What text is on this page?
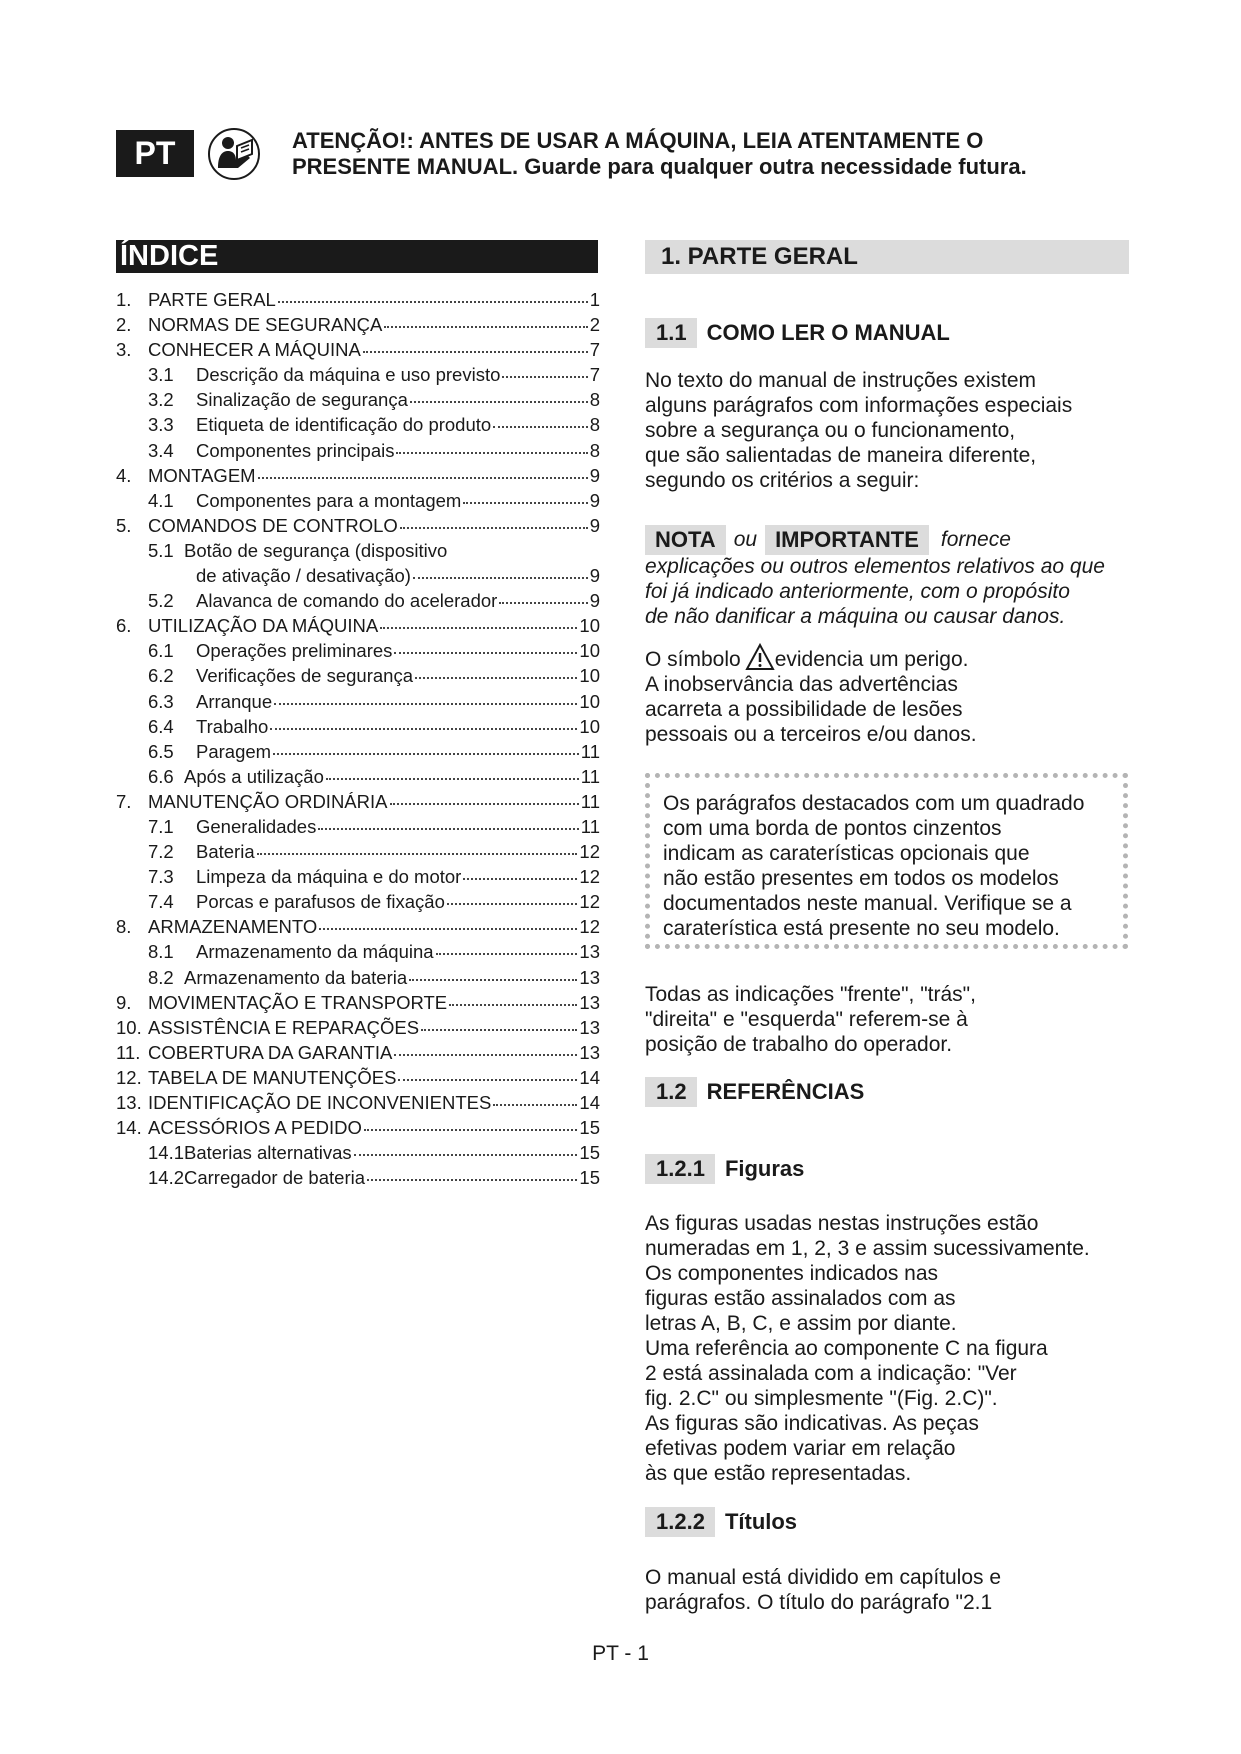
PT	ATENÇÃO!: ANTES DE USAR A MÁQUINA, LEIA ATENTAMENTE O
PRESENTE MANUAL. Guarde para qualquer outra necessidade futura.
ÍNDICE
1. PARTE GERAL	1
2. NORMAS DE SEGURANÇA	2
3. CONHECER A MÁQUINA	7
3.1	Descrição da máquina e uso previsto	7
3.2	Sinalização de segurança	8
3.3	Etiqueta de identificação do produto	8
3.4	Componentes principais	8
4. MONTAGEM	9
4.1	Componentes para a montagem	9
5. COMANDOS DE CONTROLO	9
5.1 Botão de segurança (dispositivo
de ativação / desativação)	9
5.2	Alavanca de comando do acelerador	9
6. UTILIZAÇÃO DA MÁQUINA	10
6.1	Operações preliminares	10
6.2	Verificações de segurança	10
6.3	Arranque	10
6.4	Trabalho	10
6.5	Paragem	11
6.6 Após a utilização	11
7. MANUTENÇÃO ORDINÁRIA	11
7.1	Generalidades	11
7.2	Bateria	12
7.3	Limpeza da máquina e do motor	12
7.4	Porcas e parafusos de fixação	12
8. ARMAZENAMENTO	12
8.1	Armazenamento da máquina	13
8.2 Armazenamento da bateria	13
9. MOVIMENTAÇÃO E TRANSPORTE	13
10. ASSISTÊNCIA E REPARAÇÕES	13
11. COBERTURA DA GARANTIA	13
12. TABELA DE MANUTENÇÕES	14
13. IDENTIFICAÇÃO DE INCONVENIENTES	14
14. ACESSÓRIOS A PEDIDO	15
14.1 Baterias alternativas	15
14.2 Carregador de bateria	15
1. PARTE GERAL
1.1 COMO LER O MANUAL
No texto do manual de instruções existem
alguns parágrafos com informações especiais
sobre a segurança ou o funcionamento,
que são salientadas de maneira diferente,
segundo os critérios a seguir:
NOTA ou IMPORTANTE	fornece
explicações ou outros elementos relativos ao que
foi já indicado anteriormente, com o propósito
de não danificar a máquina ou causar danos.
O símbolo evidencia um perigo.
A inobservância das advertências
acarreta a possibilidade de lesões
pessoais ou a terceiros e/ou danos.
Os parágrafos destacados com um quadrado
com uma borda de pontos cinzentos
indicam as caraterísticas opcionais que
não estão presentes em todos os modelos
documentados neste manual. Verifique se a
caraterística está presente no seu modelo.
Todas as indicações "frente", "trás",
"direita" e "esquerda" referem-se à
posição de trabalho do operador.
1.2 REFERÊNCIAS
1.2.1 Figuras
As figuras usadas nestas instruções estão
numeradas em 1, 2, 3 e assim sucessivamente.
Os componentes indicados nas
figuras estão assinalados com as
letras A, B, C, e assim por diante.
Uma referência ao componente C na figura
2 está assinalada com a indicação: "Ver
fig. 2.C" ou simplesmente "(Fig. 2.C)".
As figuras são indicativas. As peças
efetivas podem variar em relação
às que estão representadas.
1.2.2 Títulos
O manual está dividido em capítulos e
parágrafos. O título do parágrafo "2.1
PT - 1
